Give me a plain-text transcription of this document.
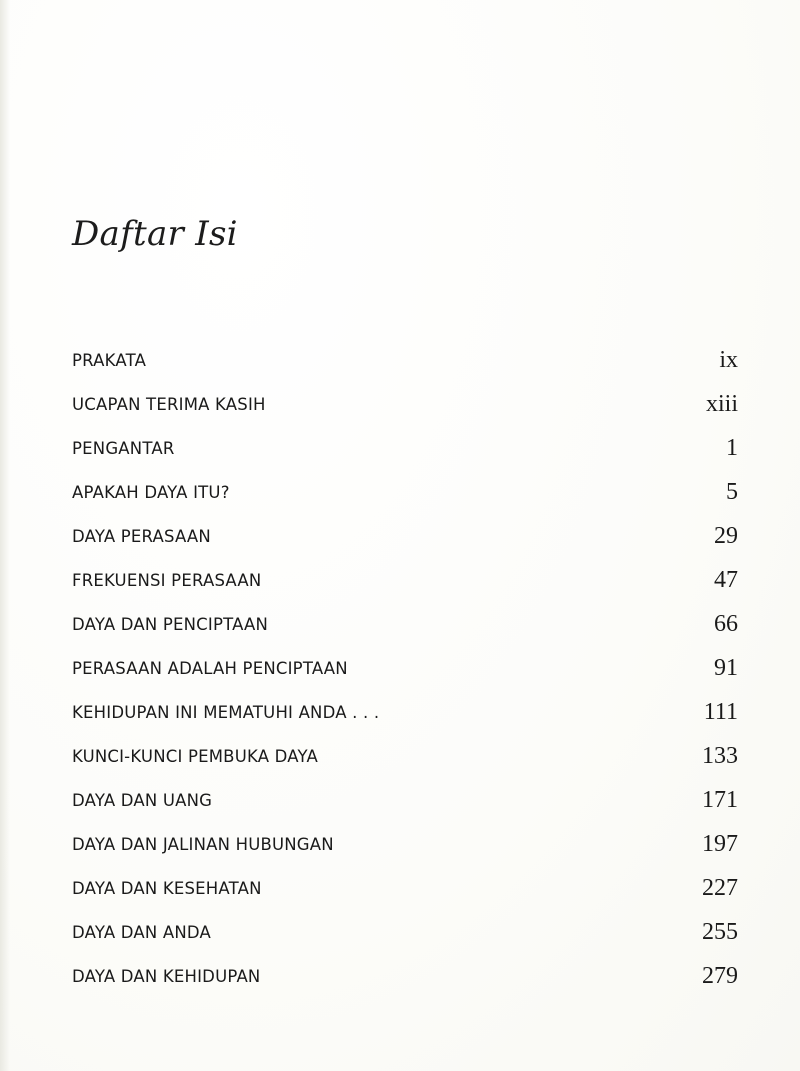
Daftar Isi
PRAKATA	ix
UCAPAN TERIMA KASIH	xiii
PENGANTAR	1
APAKAH DAYA ITU?	5
DAYA PERASAAN	29
FREKUENSI PERASAAN	47
DAYA DAN PENCIPTAAN	66
PERASAAN ADALAH PENCIPTAAN	91
KEHIDUPAN INI MEMATUHI ANDA . . .	111
KUNCI-KUNCI PEMBUKA DAYA	133
DAYA DAN UANG	171
DAYA DAN JALINAN HUBUNGAN	197
DAYA DAN KESEHATAN	227
DAYA DAN ANDA	255
DAYA DAN KEHIDUPAN	279
